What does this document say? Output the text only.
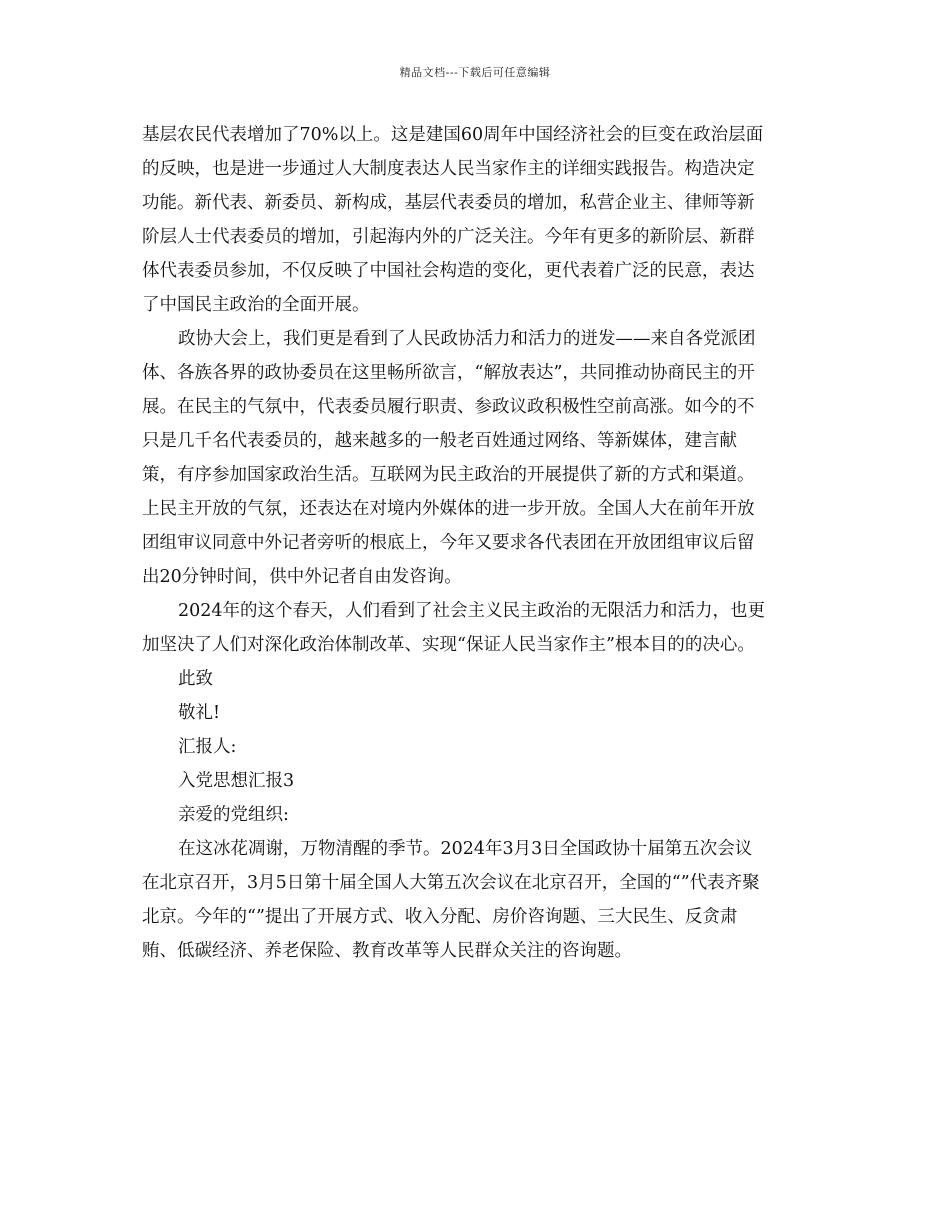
精品文档---下载后可任意编辑
基层农民代表增加了70%以上。这是建国60周年中国经济社会的巨变在政治层面
的反映，也是进一步通过人大制度表达人民当家作主的详细实践报告。构造决定
功能。新代表、新委员、新构成，基层代表委员的增加，私营企业主、律师等新
阶层人士代表委员的增加，引起海内外的广泛关注。今年有更多的新阶层、新群
体代表委员参加，不仅反映了中国社会构造的变化，更代表着广泛的民意，表达
了中国民主政治的全面开展。
政协大会上，我们更是看到了人民政协活力和活力的迸发——来自各党派团
体、各族各界的政协委员在这里畅所欲言，“解放表达”，共同推动协商民主的开
展。在民主的气氛中，代表委员履行职责、参政议政积极性空前高涨。如今的不
只是几千名代表委员的，越来越多的一般老百姓通过网络、等新媒体，建言献
策，有序参加国家政治生活。互联网为民主政治的开展提供了新的方式和渠道。
上民主开放的气氛，还表达在对境内外媒体的进一步开放。全国人大在前年开放
团组审议同意中外记者旁听的根底上，今年又要求各代表团在开放团组审议后留
出20分钟时间，供中外记者自由发咨询。
2024年的这个春天，人们看到了社会主义民主政治的无限活力和活力，也更
加坚决了人们对深化政治体制改革、实现“保证人民当家作主”根本目的的决心。
此致
敬礼!
汇报人:
入党思想汇报3
亲爱的党组织:
在这冰花凋谢，万物清醒的季节。2024年3月3日全国政协十届第五次会议
在北京召开，3月5日第十届全国人大第五次会议在北京召开，全国的“”代表齐聚
北京。今年的“”提出了开展方式、收入分配、房价咨询题、三大民生、反贪肃
贿、低碳经济、养老保险、教育改革等人民群众关注的咨询题。
